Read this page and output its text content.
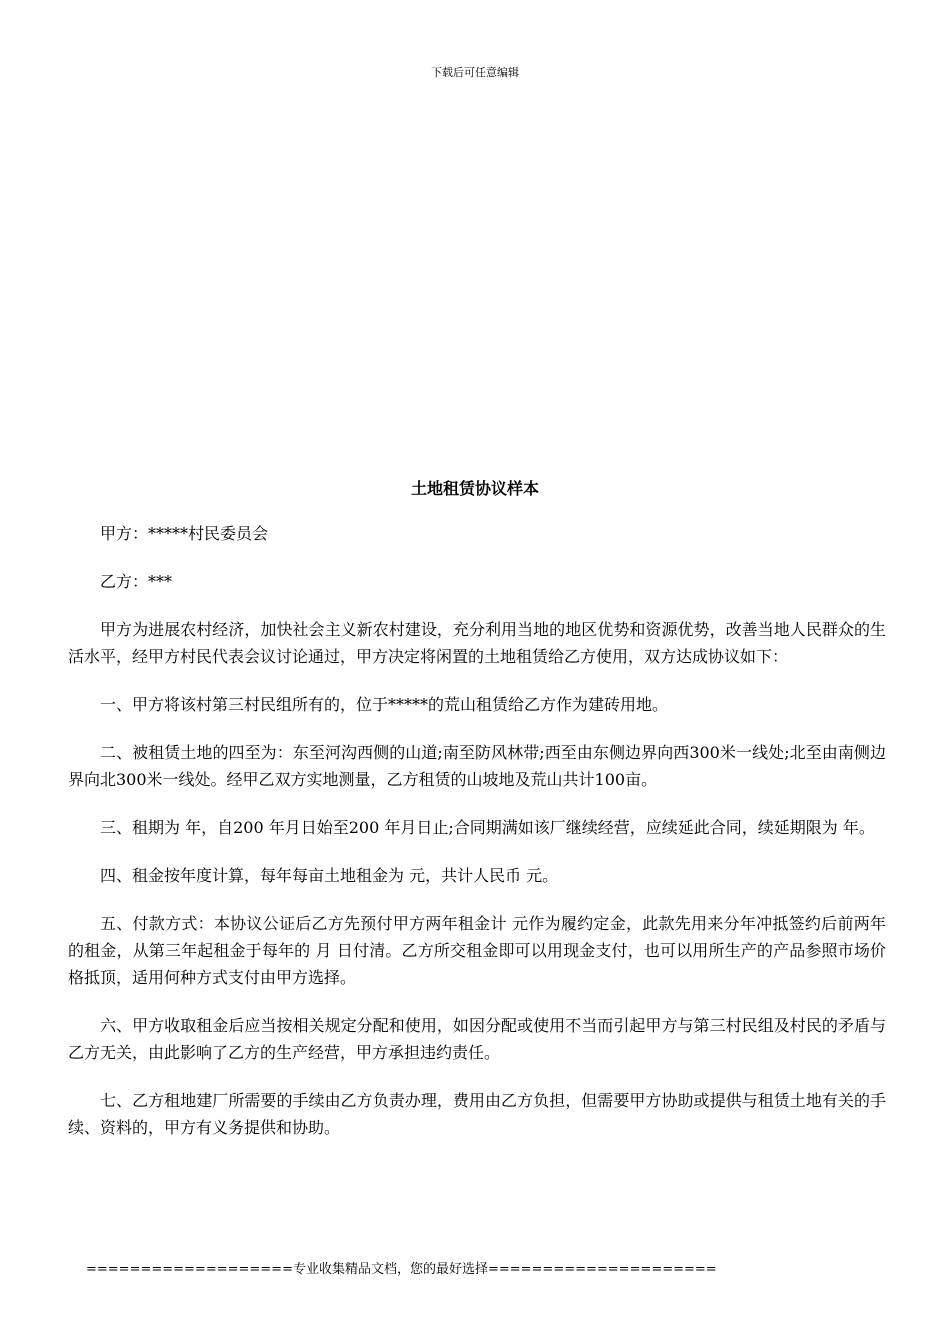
下载后可任意编辑
土地租赁协议样本

甲方：*****村民委员会

乙方：***

甲方为进展农村经济，加快社会主义新农村建设，充分利用当地的地区优势和资源优势，改善当地人民群众的生活水平，经甲方村民代表会议讨论通过，甲方决定将闲置的土地租赁给乙方使用，双方达成协议如下：

一、甲方将该村第三村民组所有的，位于*****的荒山租赁给乙方作为建砖用地。

二、被租赁土地的四至为：东至河沟西侧的山道;南至防风林带;西至由东侧边界向西300米一线处;北至由南侧边界向北300米一线处。经甲乙双方实地测量，乙方租赁的山坡地及荒山共计100亩。

三、租期为 年，自200 年月日始至200 年月日止;合同期满如该厂继续经营，应续延此合同，续延期限为 年。

四、租金按年度计算，每年每亩土地租金为 元，共计人民币 元。

五、付款方式：本协议公证后乙方先预付甲方两年租金计 元作为履约定金，此款先用来分年冲抵签约后前两年的租金，从第三年起租金于每年的 月 日付清。乙方所交租金即可以用现金支付，也可以用所生产的产品参照市场价格抵顶，适用何种方式支付由甲方选择。

六、甲方收取租金后应当按相关规定分配和使用，如因分配或使用不当而引起甲方与第三村民组及村民的矛盾与乙方无关，由此影响了乙方的生产经营，甲方承担违约责任。

七、乙方租地建厂所需要的手续由乙方负责办理，费用由乙方负担，但需要甲方协助或提供与租赁土地有关的手续、资料的，甲方有义务提供和协助。

===================专业收集精品文档，您的最好选择=====================
